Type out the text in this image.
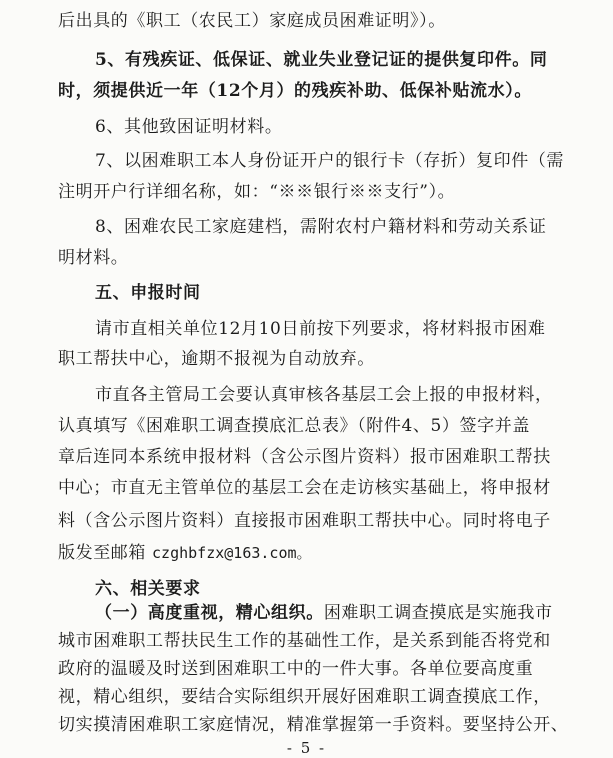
后出具的《职工（农民工）家庭成员困难证明》）。
5、有残疾证、低保证、就业失业登记证的提供复印件。同
时，须提供近一年（12个月）的残疾补助、低保补贴流水）。
6、其他致困证明材料。
7、以困难职工本人身份证开户的银行卡（存折）复印件（需
注明开户行详细名称，如：“※※银行※※支行”）。
8、困难农民工家庭建档，需附农村户籍材料和劳动关系证
明材料。
五、申报时间
请市直相关单位12月10日前按下列要求，将材料报市困难
职工帮扶中心，逾期不报视为自动放弃。
市直各主管局工会要认真审核各基层工会上报的申报材料，
认真填写《困难职工调查摸底汇总表》（附件4、5）签字并盖
章后连同本系统申报材料（含公示图片资料）报市困难职工帮扶
中心；市直无主管单位的基层工会在走访核实基础上，将申报材
料（含公示图片资料）直接报市困难职工帮扶中心。同时将电子
版发至邮箱 czghbfzx@163.com。
六、相关要求
（一）高度重视，精心组织。困难职工调查摸底是实施我市
城市困难职工帮扶民生工作的基础性工作，是关系到能否将党和
政府的温暖及时送到困难职工中的一件大事。各单位要高度重
视，精心组织，要结合实际组织开展好困难职工调查摸底工作，
切实摸清困难职工家庭情况，精准掌握第一手资料。要坚持公开、
- 5 -
